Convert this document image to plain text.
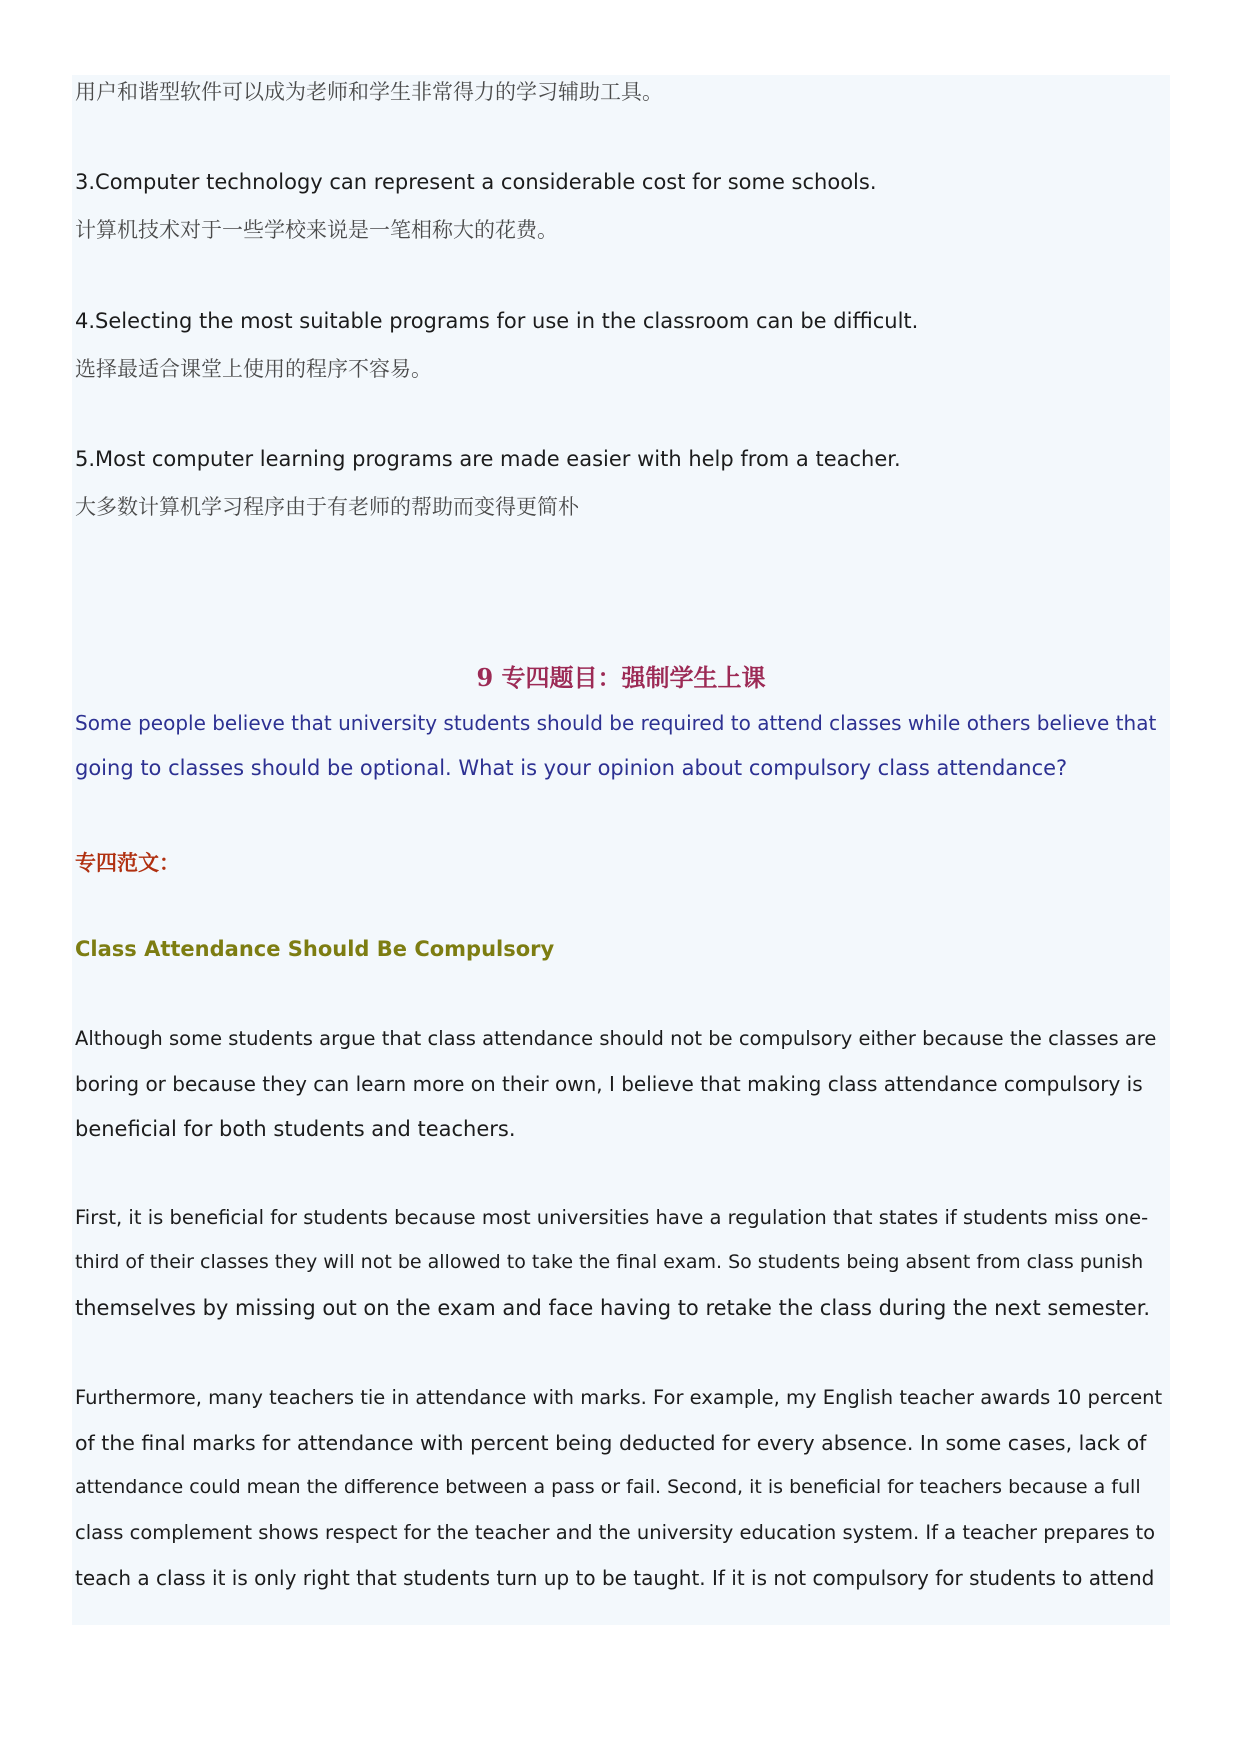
用户和谐型软件可以成为老师和学生非常得力的学习辅助工具。
3.Computer technology can represent a considerable cost for some schools.
计算机技术对于一些学校来说是一笔相称大的花费。
4.Selecting the most suitable programs for use in the classroom can be difficult.
选择最适合课堂上使用的程序不容易。
5.Most computer learning programs are made easier with help from a teacher.
大多数计算机学习程序由于有老师的帮助而变得更简朴
9 专四题目：强制学生上课
Some people believe that university students should be required to attend classes while others believe that
going to classes should be optional. What is your opinion about compulsory class attendance?
专四范文：
Class Attendance Should Be Compulsory
Although some students argue that class attendance should not be compulsory either because the classes are
boring or because they can learn more on their own, I believe that making class attendance compulsory is
beneficial for both students and teachers.
First, it is beneficial for students because most universities have a regulation that states if students miss one-
third of their classes they will not be allowed to take the final exam. So students being absent from class punish
themselves by missing out on the exam and face having to retake the class during the next semester.
Furthermore, many teachers tie in attendance with marks. For example, my English teacher awards 10 percent
of the final marks for attendance with percent being deducted for every absence. In some cases, lack of
attendance could mean the difference between a pass or fail. Second, it is beneficial for teachers because a full
class complement shows respect for the teacher and the university education system. If a teacher prepares to
teach a class it is only right that students turn up to be taught. If it is not compulsory for students to attend
